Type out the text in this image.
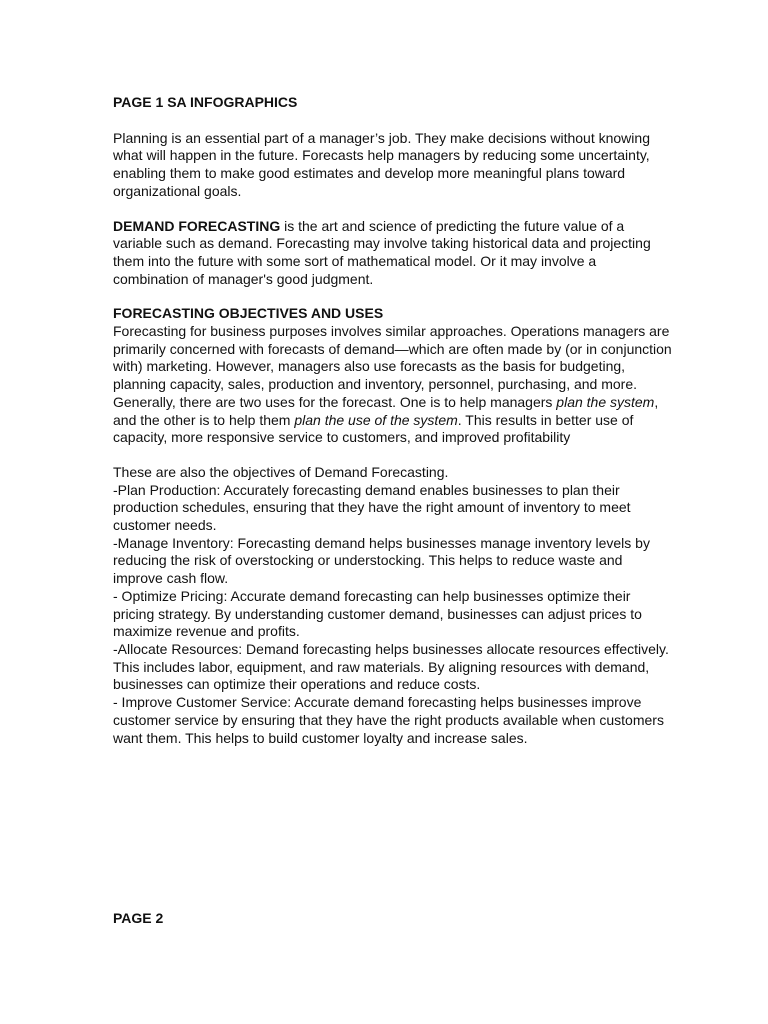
PAGE 1 SA INFOGRAPHICS

Planning is an essential part of a manager’s job. They make decisions without knowing what will happen in the future. Forecasts help managers by reducing some uncertainty, enabling them to make good estimates and develop more meaningful plans toward organizational goals.

DEMAND FORECASTING is the art and science of predicting the future value of a variable such as demand. Forecasting may involve taking historical data and projecting them into the future with some sort of mathematical model. Or it may involve a combination of manager's good judgment.

FORECASTING OBJECTIVES AND USES

Forecasting for business purposes involves similar approaches. Operations managers are primarily concerned with forecasts of demand—which are often made by (or in conjunction with) marketing. However, managers also use forecasts as the basis for budgeting, planning capacity, sales, production and inventory, personnel, purchasing, and more. Generally, there are two uses for the forecast. One is to help managers plan the system, and the other is to help them plan the use of the system. This results in better use of capacity, more responsive service to customers, and improved profitability

These are also the objectives of Demand Forecasting.

-Plan Production: Accurately forecasting demand enables businesses to plan their production schedules, ensuring that they have the right amount of inventory to meet customer needs.

-Manage Inventory: Forecasting demand helps businesses manage inventory levels by reducing the risk of overstocking or understocking. This helps to reduce waste and improve cash flow.

- Optimize Pricing: Accurate demand forecasting can help businesses optimize their pricing strategy. By understanding customer demand, businesses can adjust prices to maximize revenue and profits.

-Allocate Resources: Demand forecasting helps businesses allocate resources effectively. This includes labor, equipment, and raw materials. By aligning resources with demand, businesses can optimize their operations and reduce costs.

- Improve Customer Service: Accurate demand forecasting helps businesses improve customer service by ensuring that they have the right products available when customers want them. This helps to build customer loyalty and increase sales.

PAGE 2
